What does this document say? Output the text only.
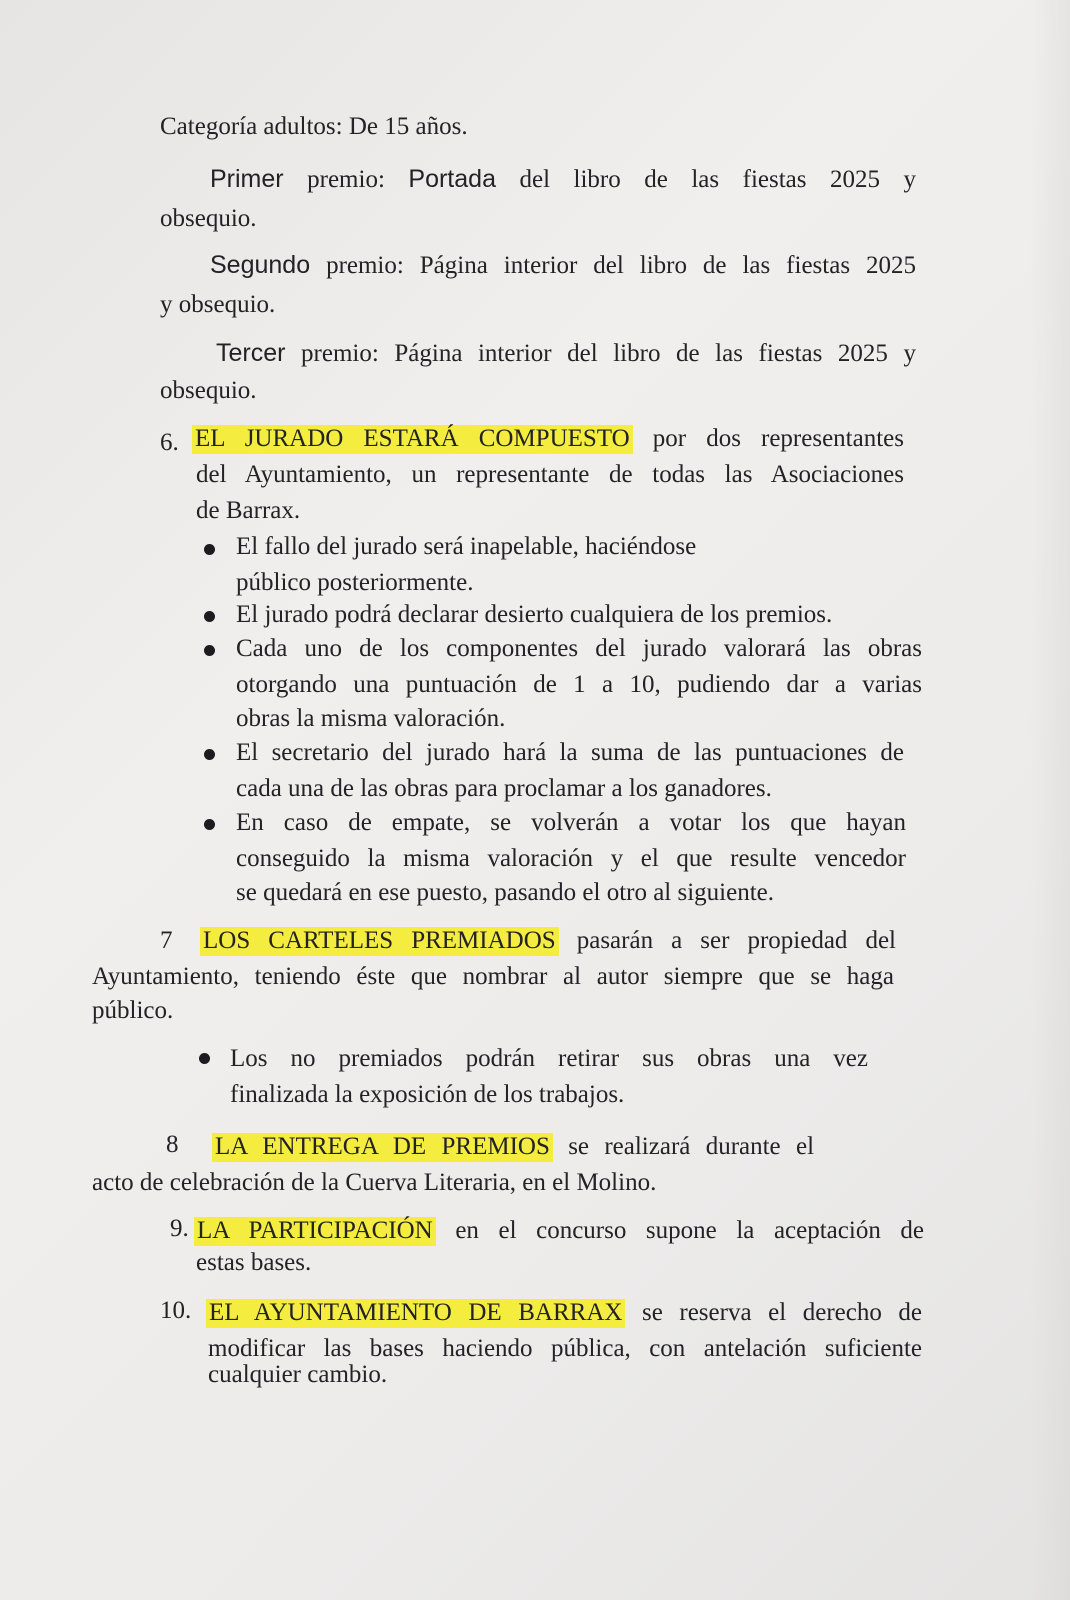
Categoría adultos: De 15 años.
Primer premio: Portada del libro de las fiestas 2025 y
obsequio.
Segundo premio: Página interior del libro de las fiestas 2025
y obsequio.
Tercer premio: Página interior del libro de las fiestas 2025 y
obsequio.
6. EL JURADO ESTARÁ COMPUESTO por dos representantes
del Ayuntamiento, un representante de todas las Asociaciones
de Barrax.
El fallo del jurado será inapelable, haciéndose
público posteriormente.
El jurado podrá declarar desierto cualquiera de los premios.
Cada uno de los componentes del jurado valorará las obras
otorgando una puntuación de 1 a 10, pudiendo dar a varias
obras la misma valoración.
El secretario del jurado hará la suma de las puntuaciones de
cada una de las obras para proclamar a los ganadores.
En caso de empate, se volverán a votar los que hayan
conseguido la misma valoración y el que resulte vencedor
se quedará en ese puesto, pasando el otro al siguiente.
7 LOS CARTELES PREMIADOS pasarán a ser propiedad del
Ayuntamiento, teniendo éste que nombrar al autor siempre que se haga
público.
Los no premiados podrán retirar sus obras una vez
finalizada la exposición de los trabajos.
8 LA ENTREGA DE PREMIOS se realizará durante el
acto de celebración de la Cuerva Literaria, en el Molino.
9. LA PARTICIPACIÓN en el concurso supone la aceptación de
estas bases.
10. EL AYUNTAMIENTO DE BARRAX se reserva el derecho de
modificar las bases haciendo pública, con antelación suficiente
cualquier cambio.
